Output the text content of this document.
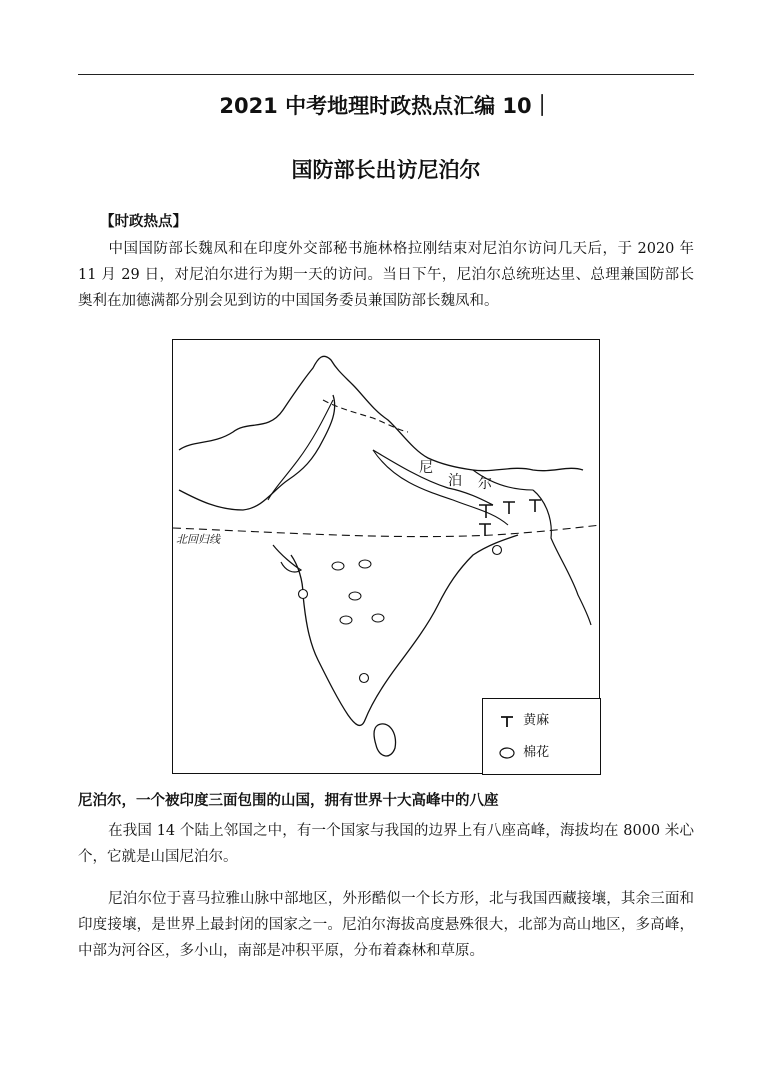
2021 中考地理时政热点汇编 10｜
国防部长出访尼泊尔
【时政热点】
中国国防部长魏凤和在印度外交部秘书施林格拉刚结束对尼泊尔访问几天后，于 2020 年 11 月 29 日，对尼泊尔进行为期一天的访问。当日下午，尼泊尔总统班达里、总理兼国防部长奥利在加德满都分别会见到访的中国国务委员兼国防部长魏凤和。
尼
泊 尔
北回归线
黄麻
棉花
尼泊尔，一个被印度三面包围的山国，拥有世界十大高峰中的八座
在我国 14 个陆上邻国之中，有一个国家与我国的边界上有八座高峰，海拔均在 8000 米心个，它就是山国尼泊尔。
尼泊尔位于喜马拉雅山脉中部地区，外形酷似一个长方形，北与我国西藏接壤，其余三面和印度接壤，是世界上最封闭的国家之一。尼泊尔海拔高度悬殊很大，北部为高山地区，多高峰，中部为河谷区，多小山，南部是冲积平原，分布着森林和草原。
